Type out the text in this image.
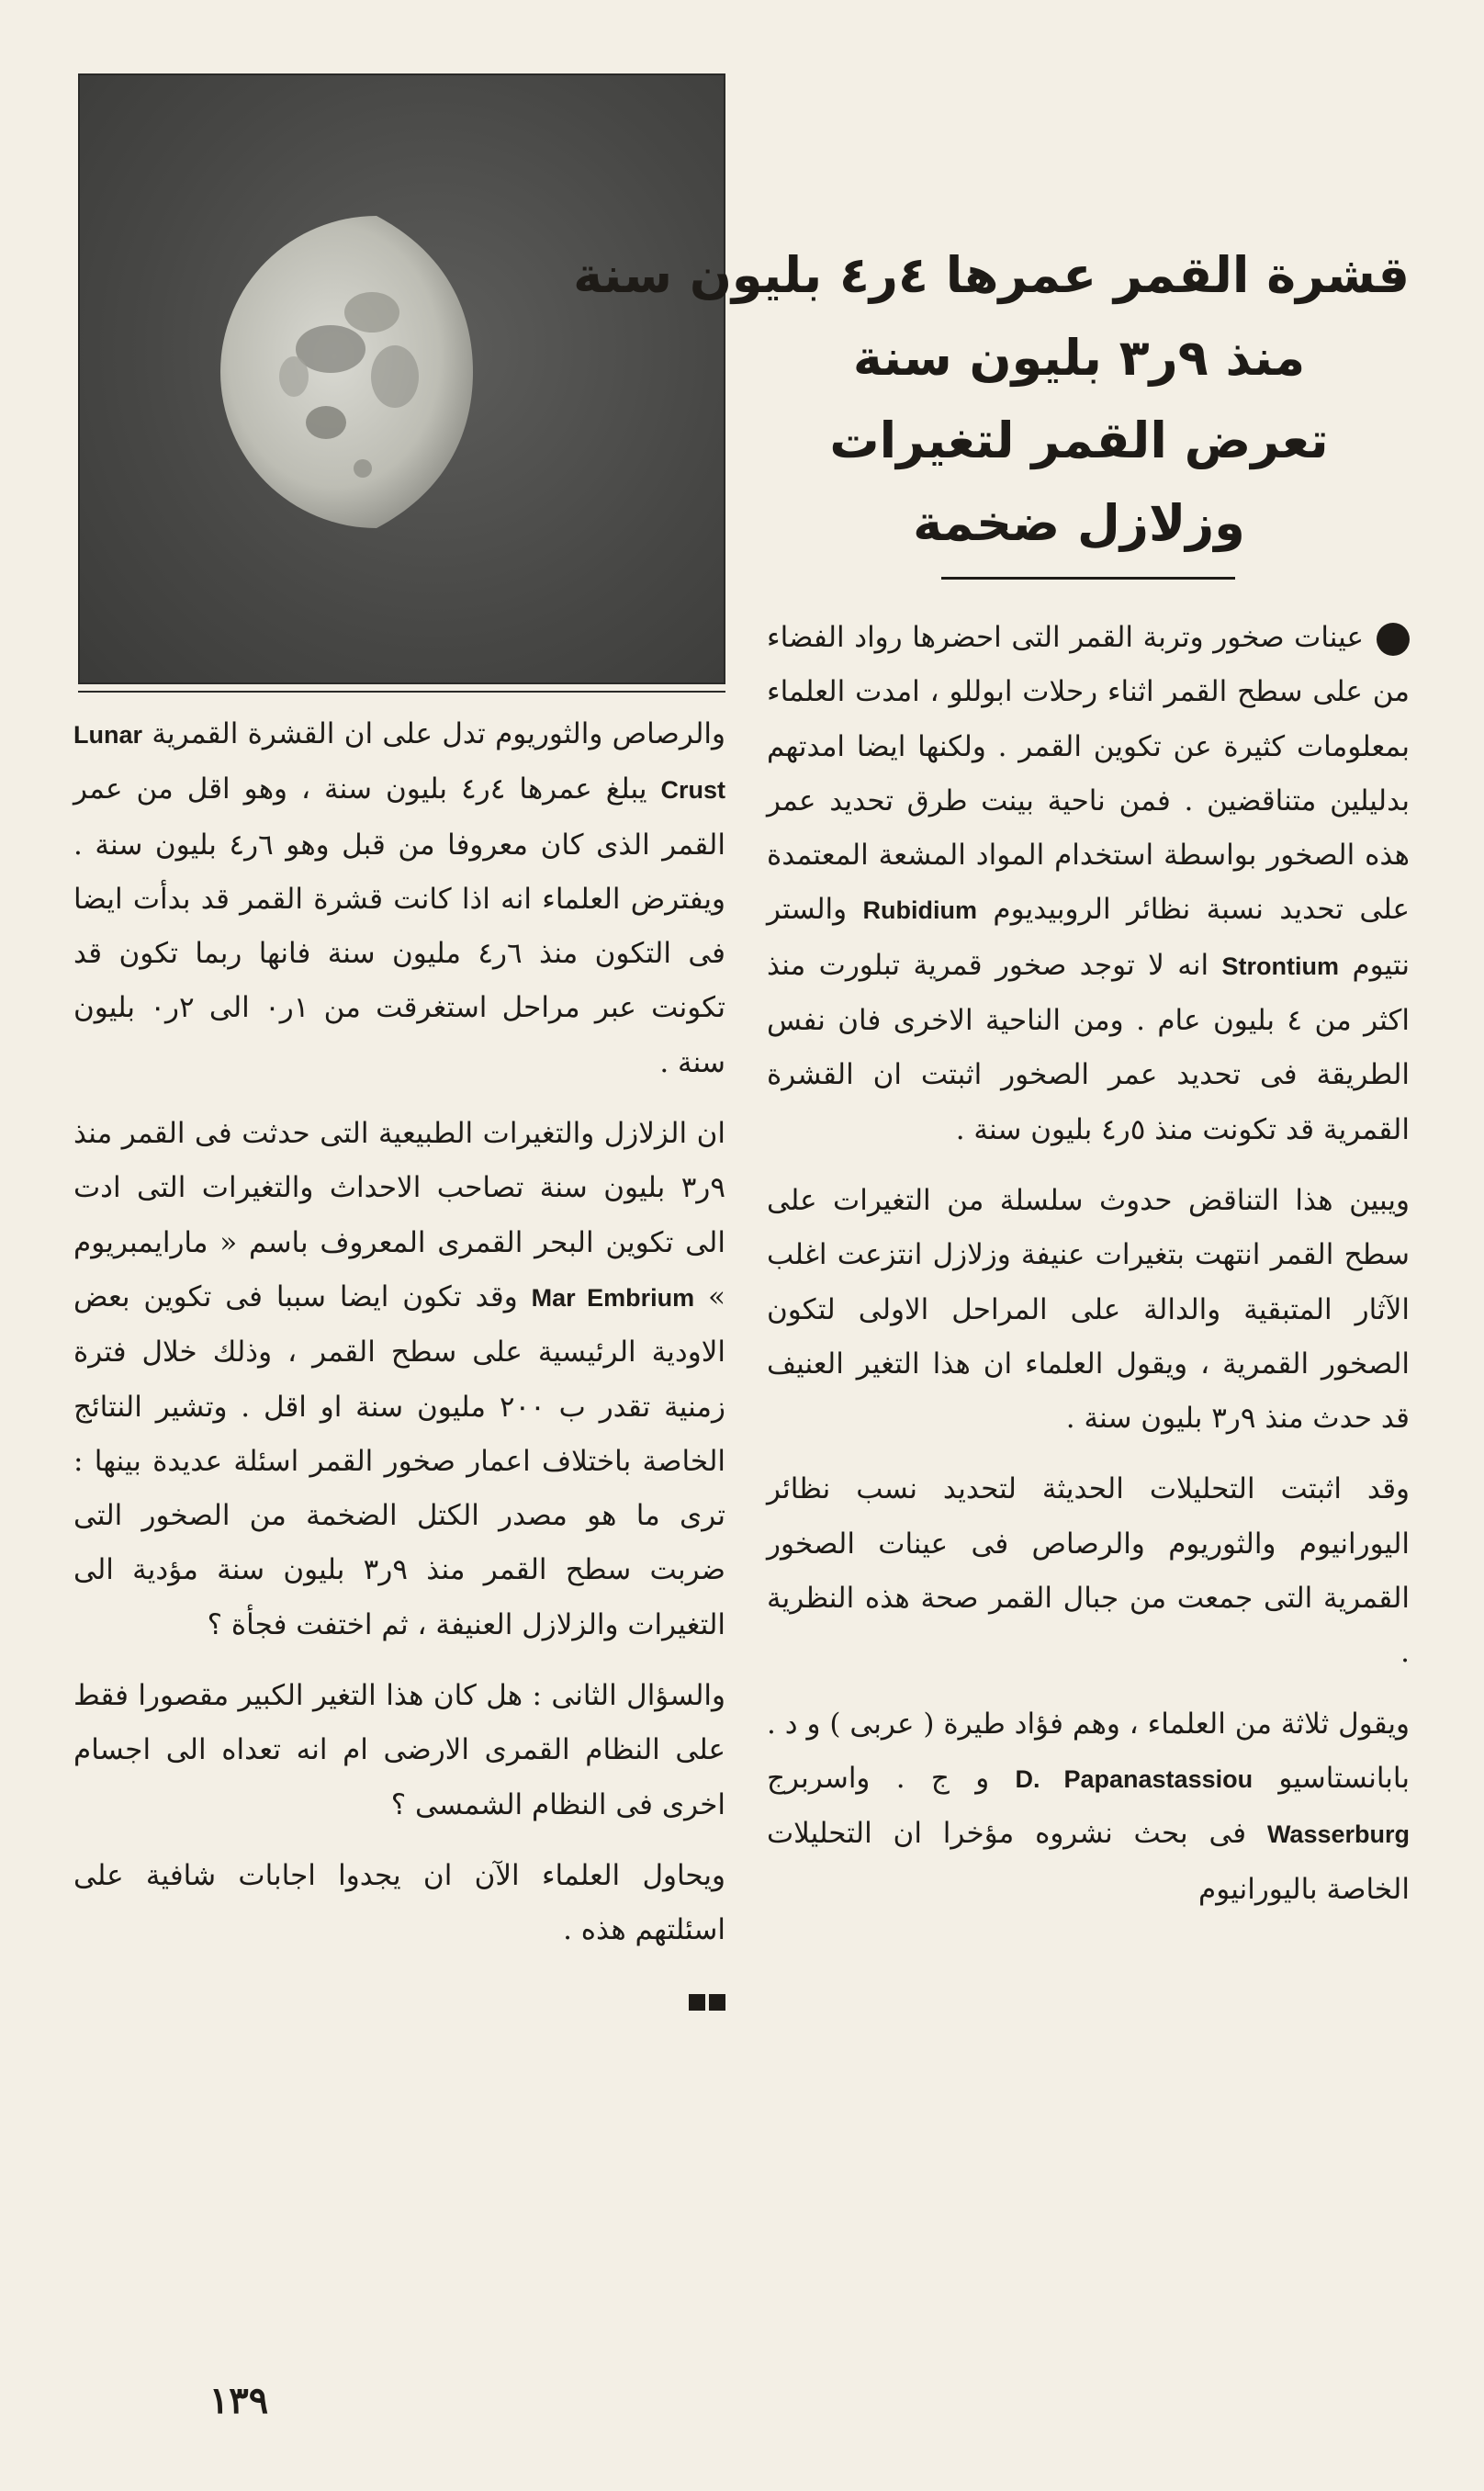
قشرة القمر عمرها ٤ر٤ بليون سنة
منذ ٩ر٣ بليون سنة
تعرض القمر لتغيرات
وزلازل ضخمة

عينات صخور وتربة القمر التى احضرها رواد الفضاء من على سطح القمر اثناء رحلات ابوللو ، امدت العلماء بمعلومات كثيرة عن تكوين القمر . ولكنها ايضا امدتهم بدليلين متناقضين . فمن ناحية بينت طرق تحديد عمر هذه الصخور بواسطة استخدام المواد المشعة المعتمدة على تحديد نسبة نظائر الروبيديوم Rubidium والستر نتيوم Strontium انه لا توجد صخور قمرية تبلورت منذ اكثر من ٤ بليون عام . ومن الناحية الاخرى فان نفس الطريقة فى تحديد عمر الصخور اثبتت ان القشرة القمرية قد تكونت منذ ٥ر٤ بليون سنة .

ويبين هذا التناقض حدوث سلسلة من التغيرات على سطح القمر انتهت بتغيرات عنيفة وزلازل انتزعت اغلب الآثار المتبقية والدالة على المراحل الاولى لتكون الصخور القمرية ، ويقول العلماء ان هذا التغير العنيف قد حدث منذ ٩ر٣ بليون سنة .

وقد اثبتت التحليلات الحديثة لتحديد نسب نظائر اليورانيوم والثوريوم والرصاص فى عينات الصخور القمرية التى جمعت من جبال القمر صحة هذه النظرية .

ويقول ثلاثة من العلماء ، وهم فؤاد طيرة ( عربى ) و د . بابانستاسيو D. Papanastassiou و ج . واسربرج Wasserburg فى بحث نشروه مؤخرا ان التحليلات الخاصة باليورانيوم

والرصاص والثوريوم تدل على ان القشرة القمرية Lunar Crust يبلغ عمرها ٤ر٤ بليون سنة ، وهو اقل من عمر القمر الذى كان معروفا من قبل وهو ٦ر٤ بليون سنة . ويفترض العلماء انه اذا كانت قشرة القمر قد بدأت ايضا فى التكون منذ ٦ر٤ مليون سنة فانها ربما تكون قد تكونت عبر مراحل استغرقت من ١ر٠ الى ٢ر٠ بليون سنة .

ان الزلازل والتغيرات الطبيعية التى حدثت فى القمر منذ ٩ر٣ بليون سنة تصاحب الاحداث والتغيرات التى ادت الى تكوين البحر القمرى المعروف باسم « مارايمبريوم » Mar Embrium وقد تكون ايضا سببا فى تكوين بعض الاودية الرئيسية على سطح القمر ، وذلك خلال فترة زمنية تقدر ب ٢٠٠ مليون سنة او اقل . وتشير النتائج الخاصة باختلاف اعمار صخور القمر اسئلة عديدة بينها : ترى ما هو مصدر الكتل الضخمة من الصخور التى ضربت سطح القمر منذ ٩ر٣ بليون سنة مؤدية الى التغيرات والزلازل العنيفة ، ثم اختفت فجأة ؟

والسؤال الثانى : هل كان هذا التغير الكبير مقصورا فقط على النظام القمرى الارضى ام انه تعداه الى اجسام اخرى فى النظام الشمسى ؟

ويحاول العلماء الآن ان يجدوا اجابات شافية على اسئلتهم هذه .

١٣٩
